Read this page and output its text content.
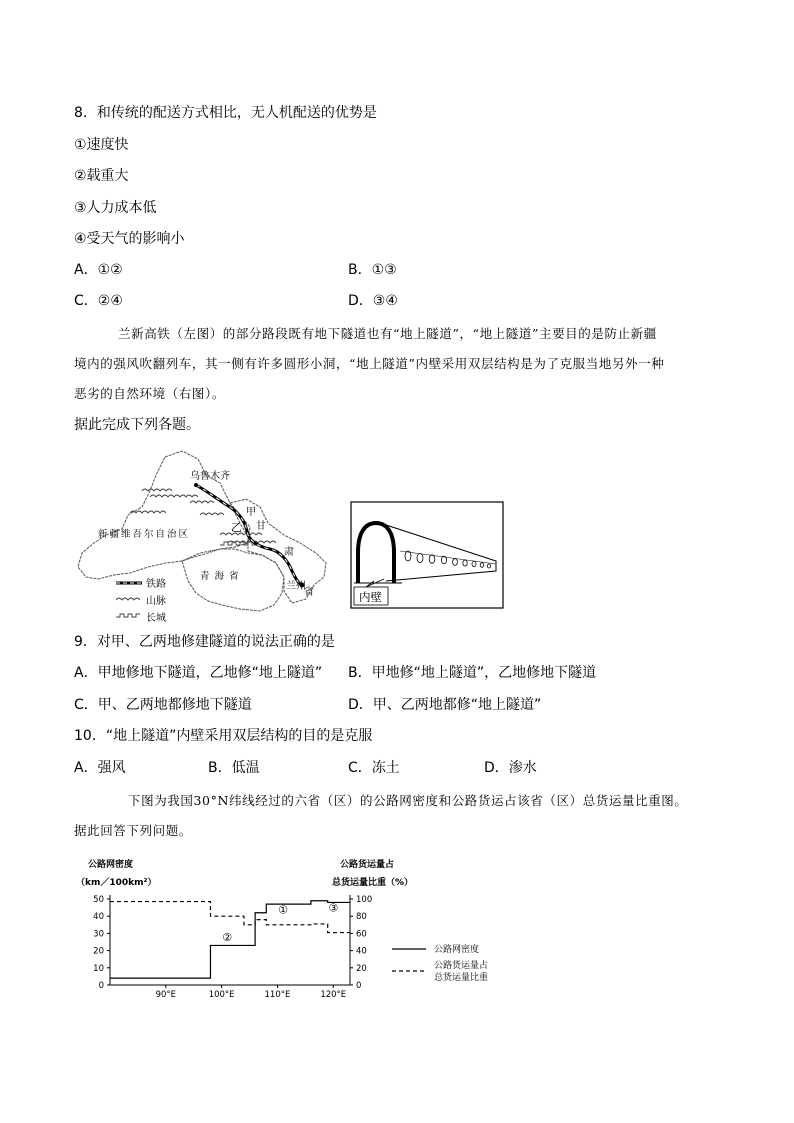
8．和传统的配送方式相比，无人机配送的优势是
①速度快
②载重大
③人力成本低
④受天气的影响小
A．①②	B．①③
C．②④	D．③④
兰新高铁（左图）的部分路段既有地下隧道也有“地上隧道”，“地上隧道”主要目的是防止新疆
境内的强风吹翻列车，其一侧有许多圆形小洞，“地上隧道”内壁采用双层结构是为了克服当地另外一种
恶劣的自然环境（右图）。
据此完成下列各题。
乌鲁木齐
甲
乙 甘
肃
省
新疆维吾尔自治区
青海省
兰州
铁路
山脉
长城
内壁
9．对甲、乙两地修建隧道的说法正确的是
A．甲地修地下隧道，乙地修“地上隧道” B．甲地修“地上隧道”，乙地修地下隧道
C．甲、乙两地都修地下隧道	D．甲、乙两地都修“地上隧道”
10．“地上隧道”内壁采用双层结构的目的是克服
A．强风	B．低温	C．冻土	D．渗水
下图为我国30°N纬线经过的六省（区）的公路网密度和公路货运占该省（区）总货运量比重图。
据此回答下列问题。
公路网密度
（km／100km²）
公路货运量占
总货运量比重（%）
0
10
20
30
40
50
0
20
40
60
80
100
90°E	100°E	110°E	120°E
①
②
③
公路网密度
公路货运量占
总货运量比重
